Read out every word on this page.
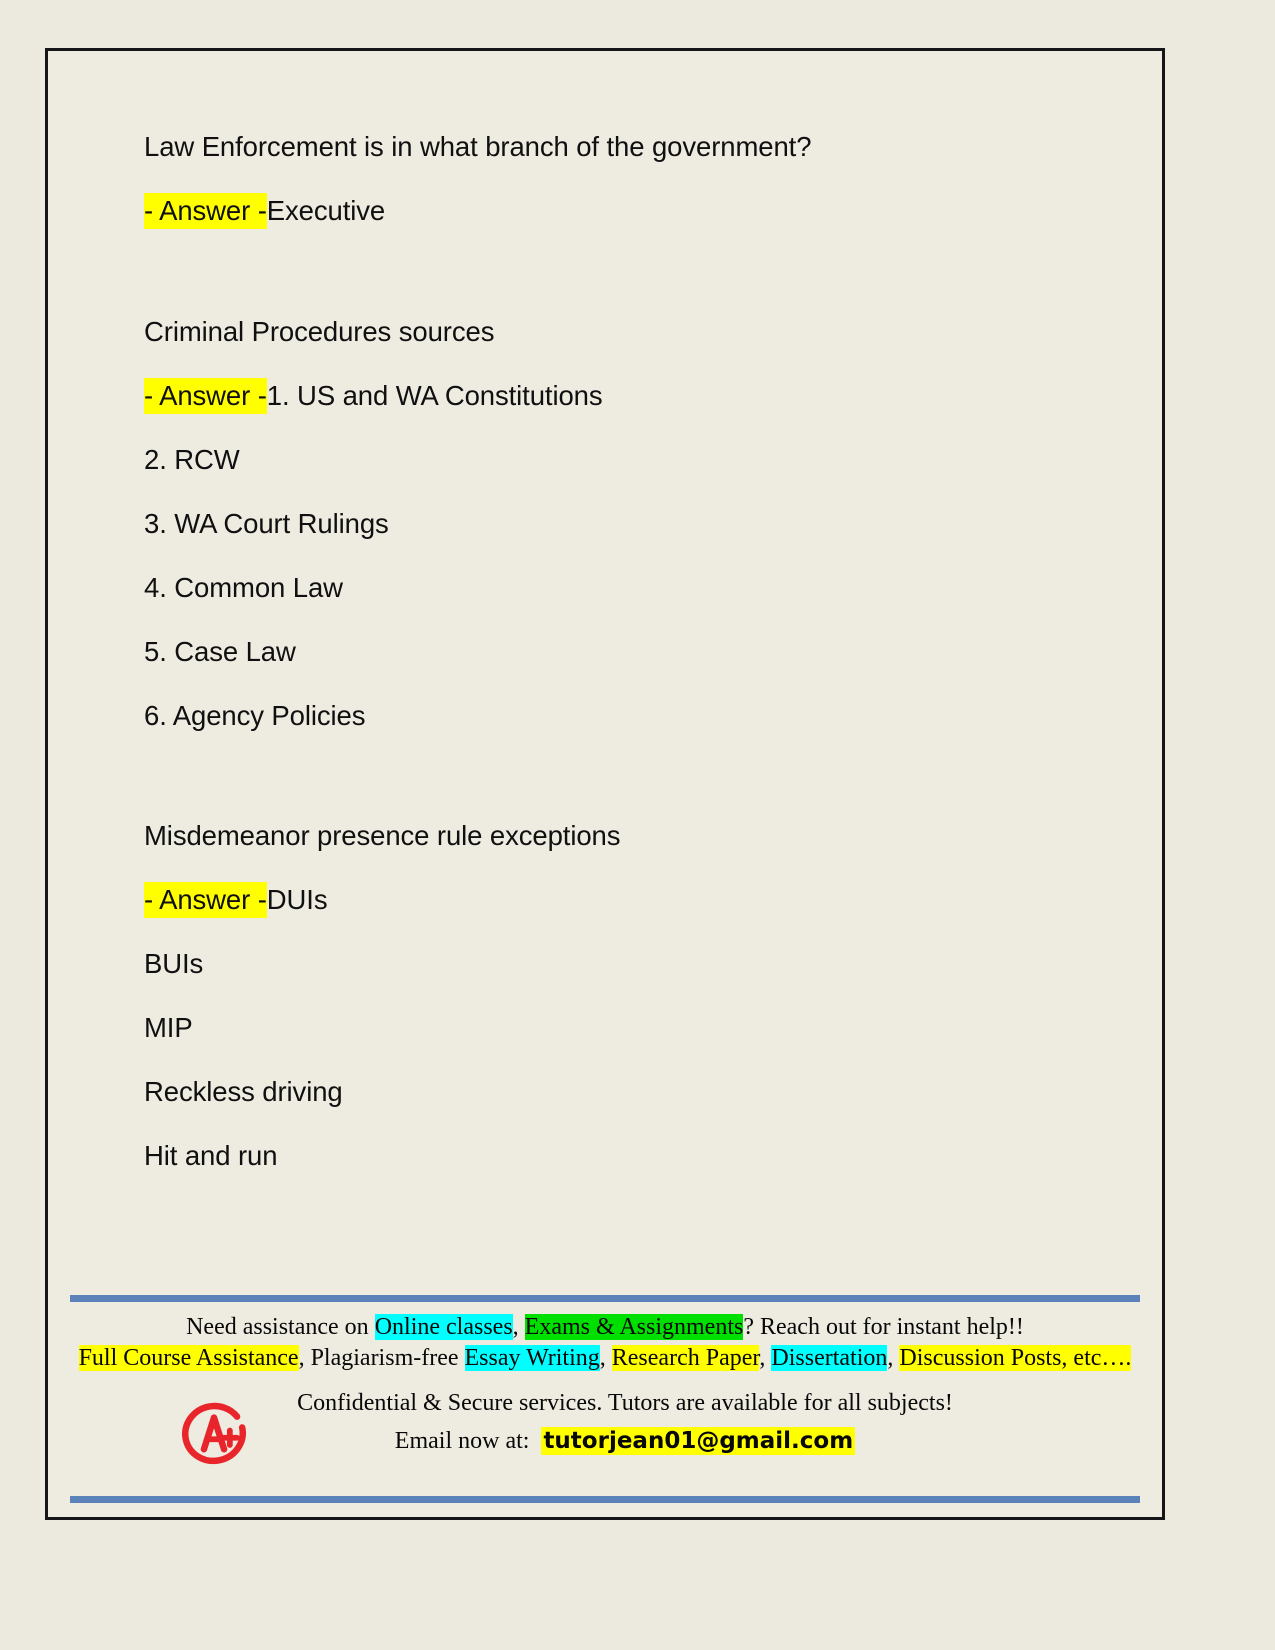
Law Enforcement is in what branch of the government?

- Answer -Executive

Criminal Procedures sources

- Answer -1. US and WA Constitutions

2. RCW

3. WA Court Rulings

4. Common Law

5. Case Law

6. Agency Policies

Misdemeanor presence rule exceptions

- Answer -DUIs

BUIs

MIP

Reckless driving

Hit and run

Need assistance on Online classes, Exams & Assignments? Reach out for instant help!!
Full Course Assistance, Plagiarism-free Essay Writing, Research Paper, Dissertation, Discussion Posts, etc….
Confidential & Secure services. Tutors are available for all subjects!
Email now at: tutorjean01@gmail.com
